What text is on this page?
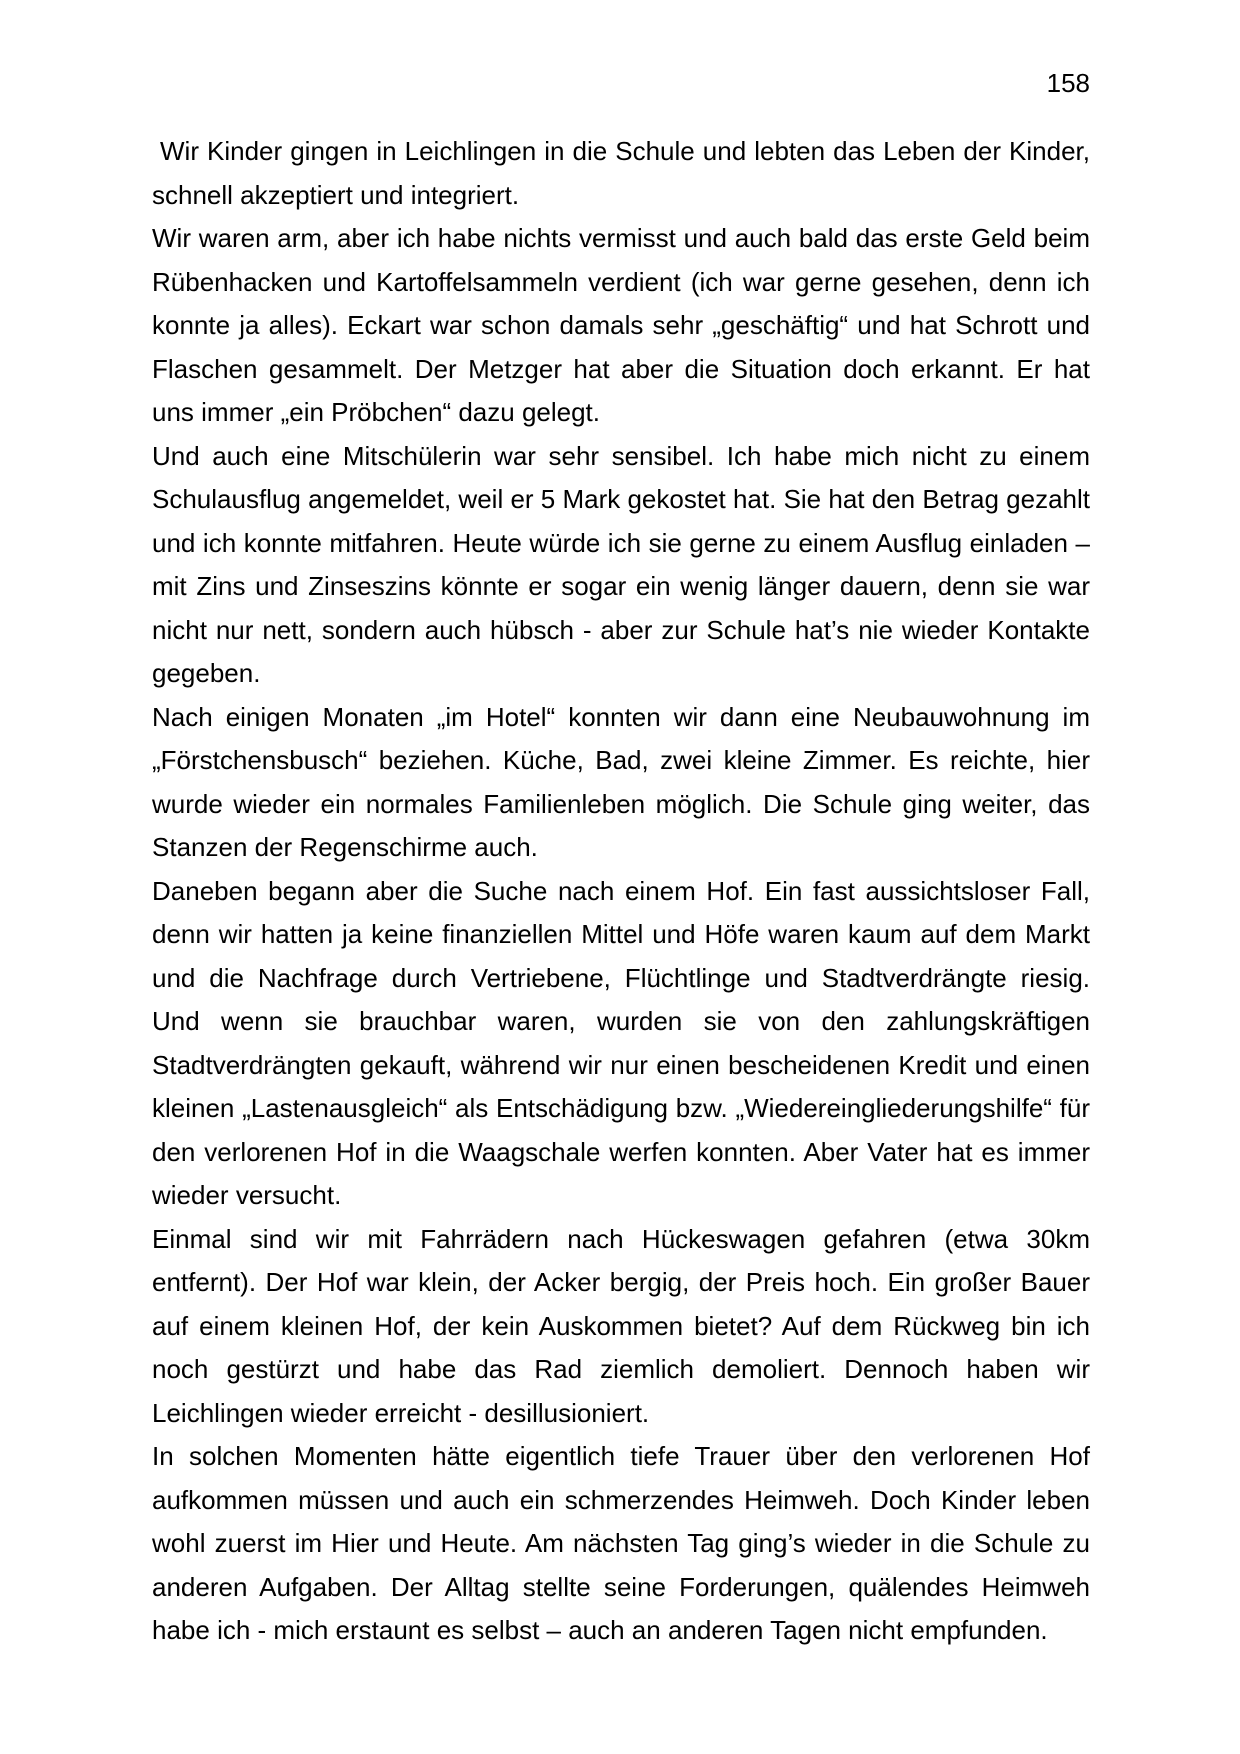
158

Wir Kinder gingen in Leichlingen in die Schule und lebten das Leben der Kinder, schnell akzeptiert und integriert.

Wir waren arm, aber ich habe nichts vermisst und auch bald das erste Geld beim Rübenhacken und Kartoffelsammeln verdient (ich war gerne gesehen, denn ich konnte ja alles). Eckart war schon damals sehr „geschäftig“ und hat Schrott und Flaschen gesammelt. Der Metzger hat aber die Situation doch erkannt. Er hat uns immer „ein Pröbchen“ dazu gelegt.

Und auch eine Mitschülerin war sehr sensibel. Ich habe mich nicht zu einem Schulausflug angemeldet, weil er 5 Mark gekostet hat. Sie hat den Betrag gezahlt und ich konnte mitfahren. Heute würde ich sie gerne zu einem Ausflug einladen – mit Zins und Zinseszins könnte er sogar ein wenig länger dauern, denn sie war nicht nur nett, sondern auch hübsch - aber zur Schule hat’s nie wieder Kontakte gegeben.

Nach einigen Monaten „im Hotel“ konnten wir dann eine Neubauwohnung im „Förstchensbusch“ beziehen. Küche, Bad, zwei kleine Zimmer. Es reichte, hier wurde wieder ein normales Familienleben möglich. Die Schule ging weiter, das Stanzen der Regenschirme auch.

Daneben begann aber die Suche nach einem Hof. Ein fast aussichtsloser Fall, denn wir hatten ja keine finanziellen Mittel und Höfe waren kaum auf dem Markt und die Nachfrage durch Vertriebene, Flüchtlinge und Stadtverdrängte riesig. Und wenn sie brauchbar waren, wurden sie von den zahlungskräftigen Stadtverdrängten gekauft, während wir nur einen bescheidenen Kredit und einen kleinen „Lastenausgleich“ als Entschädigung bzw. „Wiedereingliederungshilfe“ für den verlorenen Hof in die Waagschale werfen konnten. Aber Vater hat es immer wieder versucht.

Einmal sind wir mit Fahrrädern nach Hückeswagen gefahren (etwa 30km entfernt). Der Hof war klein, der Acker bergig, der Preis hoch. Ein großer Bauer auf einem kleinen Hof, der kein Auskommen bietet? Auf dem Rückweg bin ich noch gestürzt und habe das Rad ziemlich demoliert. Dennoch haben wir Leichlingen wieder erreicht - desillusioniert.

In solchen Momenten hätte eigentlich tiefe Trauer über den verlorenen Hof aufkommen müssen und auch ein schmerzendes Heimweh. Doch Kinder leben wohl zuerst im Hier und Heute. Am nächsten Tag ging’s wieder in die Schule zu anderen Aufgaben. Der Alltag stellte seine Forderungen, quälendes Heimweh habe ich - mich erstaunt es selbst – auch an anderen Tagen nicht empfunden.
